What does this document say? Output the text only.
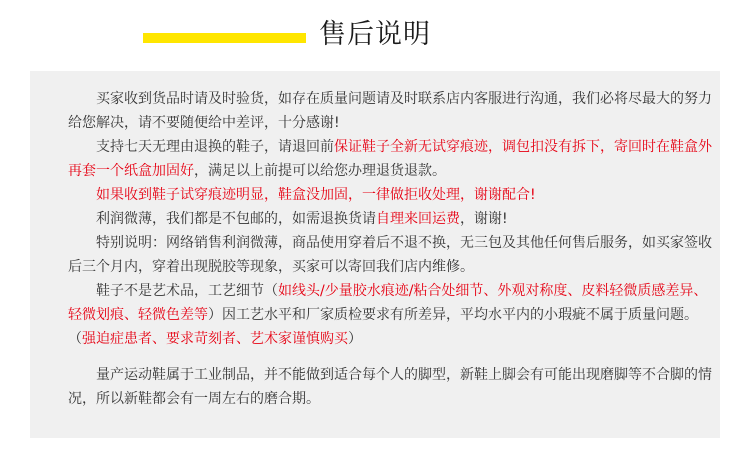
售后说明

买家收到货品时请及时验货，如存在质量问题请及时联系店内客服进行沟通，我们必将尽最大的努力给您解决，请不要随便给中差评，十分感谢!

支持七天无理由退换的鞋子，请退回前保证鞋子全新无试穿痕迹，调包扣没有拆下，寄回时在鞋盒外再套一个纸盒加固好，满足以上前提可以给您办理退货退款。

如果收到鞋子试穿痕迹明显，鞋盒没加固，一律做拒收处理，谢谢配合!

利润微薄，我们都是不包邮的，如需退换货请自理来回运费，谢谢!

特别说明：网络销售利润微薄，商品使用穿着后不退不换，无三包及其他任何售后服务，如买家签收后三个月内，穿着出现脱胶等现象，买家可以寄回我们店内维修。

鞋子不是艺术品，工艺细节（如线头/少量胶水痕迹/粘合处细节、外观对称度、皮料轻微质感差异、轻微划痕、轻微色差等）因工艺水平和厂家质检要求有所差异，平均水平内的小瑕疵不属于质量问题。（强迫症患者、要求苛刻者、艺术家谨慎购买）

量产运动鞋属于工业制品，并不能做到适合每个人的脚型，新鞋上脚会有可能出现磨脚等不合脚的情况，所以新鞋都会有一周左右的磨合期。
